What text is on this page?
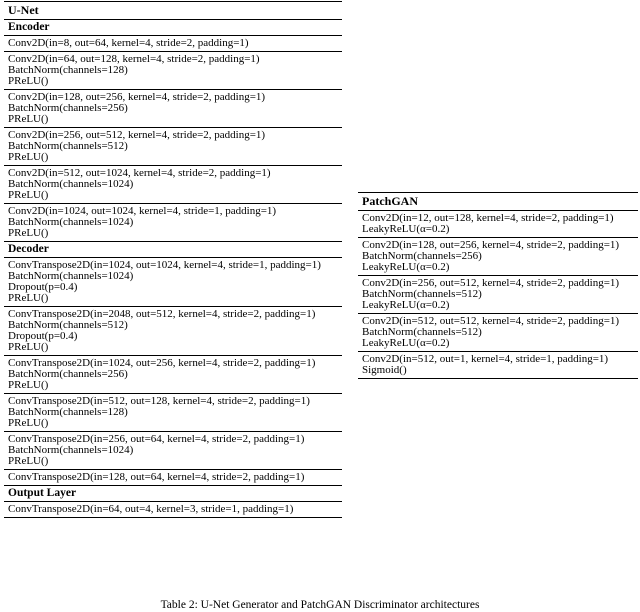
U-Net
Encoder
Conv2D(in=8, out=64, kernel=4, stride=2, padding=1)
Conv2D(in=64, out=128, kernel=4, stride=2, padding=1)
BatchNorm(channels=128)
PReLU()
Conv2D(in=128, out=256, kernel=4, stride=2, padding=1)
BatchNorm(channels=256)
PReLU()
Conv2D(in=256, out=512, kernel=4, stride=2, padding=1)
BatchNorm(channels=512)
PReLU()
Conv2D(in=512, out=1024, kernel=4, stride=2, padding=1)
BatchNorm(channels=1024)
PReLU()
Conv2D(in=1024, out=1024, kernel=4, stride=1, padding=1)
BatchNorm(channels=1024)
PReLU()
Decoder
ConvTranspose2D(in=1024, out=1024, kernel=4, stride=1, padding=1)
BatchNorm(channels=1024)
Dropout(p=0.4)
PReLU()
ConvTranspose2D(in=2048, out=512, kernel=4, stride=2, padding=1)
BatchNorm(channels=512)
Dropout(p=0.4)
PReLU()
ConvTranspose2D(in=1024, out=256, kernel=4, stride=2, padding=1)
BatchNorm(channels=256)
PReLU()
ConvTranspose2D(in=512, out=128, kernel=4, stride=2, padding=1)
BatchNorm(channels=128)
PReLU()
ConvTranspose2D(in=256, out=64, kernel=4, stride=2, padding=1)
BatchNorm(channels=1024)
PReLU()
ConvTranspose2D(in=128, out=64, kernel=4, stride=2, padding=1)
Output Layer
ConvTranspose2D(in=64, out=4, kernel=3, stride=1, padding=1)
PatchGAN
Conv2D(in=12, out=128, kernel=4, stride=2, padding=1)
LeakyReLU(α=0.2)
Conv2D(in=128, out=256, kernel=4, stride=2, padding=1)
BatchNorm(channels=256)
LeakyReLU(α=0.2)
Conv2D(in=256, out=512, kernel=4, stride=2, padding=1)
BatchNorm(channels=512)
LeakyReLU(α=0.2)
Conv2D(in=512, out=512, kernel=4, stride=2, padding=1)
BatchNorm(channels=512)
LeakyReLU(α=0.2)
Conv2D(in=512, out=1, kernel=4, stride=1, padding=1)
Sigmoid()
Table 2: U-Net Generator and PatchGAN Discriminator architectures
